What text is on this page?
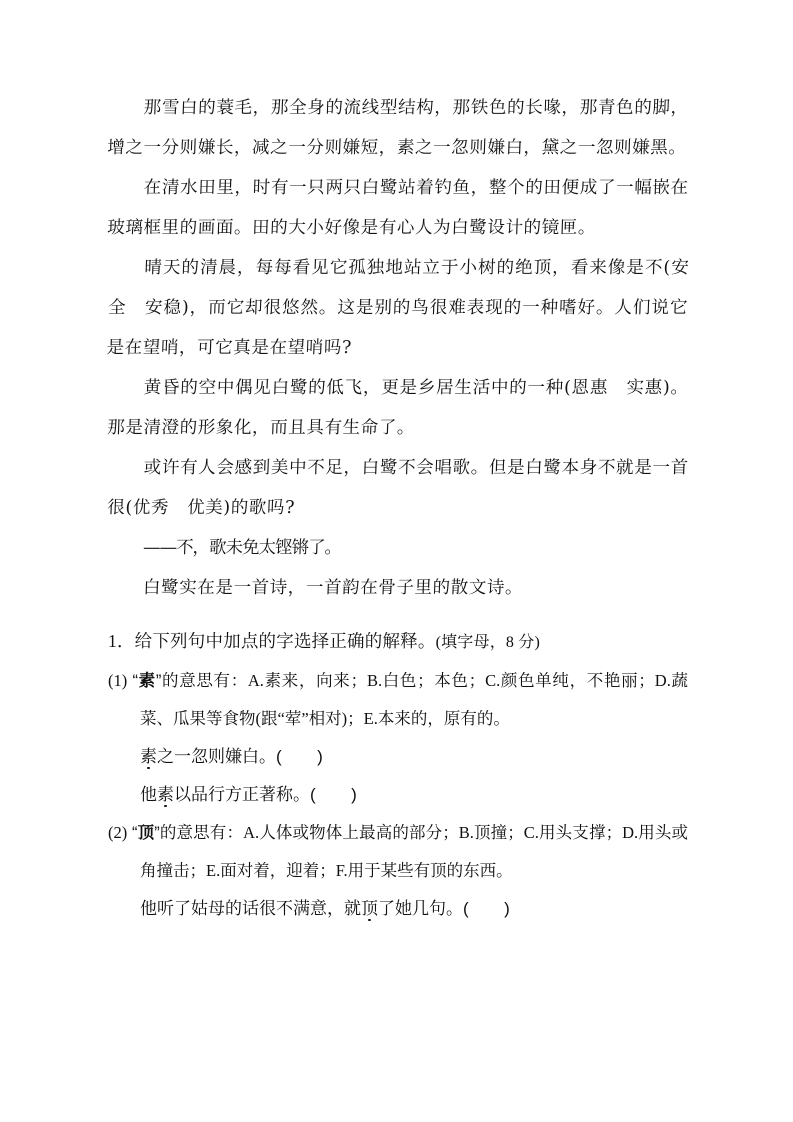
那雪白的蓑毛，那全身的流线型结构，那铁色的长喙，那青色的脚，增之一分则嫌长，减之一分则嫌短，素之一忽则嫌白，黛之一忽则嫌黑。

在清水田里，时有一只两只白鹭站着钓鱼，整个的田便成了一幅嵌在玻璃框里的画面。田的大小好像是有心人为白鹭设计的镜匣。

晴天的清晨，每每看见它孤独地站立于小树的绝顶，看来像是不(安全　安稳)，而它却很悠然。这是别的鸟很难表现的一种嗜好。人们说它是在望哨，可它真是在望哨吗?

黄昏的空中偶见白鹭的低飞，更是乡居生活中的一种(恩惠　实惠)。那是清澄的形象化，而且具有生命了。

或许有人会感到美中不足，白鹭不会唱歌。但是白鹭本身不就是一首很(优秀　优美)的歌吗?

——不，歌未免太铿锵了。

白鹭实在是一首诗，一首韵在骨子里的散文诗。

1．给下列句中加点的字选择正确的解释。(填字母，8 分)

(1) “素”的意思有：A.素来，向来；B.白色；本色；C.颜色单纯，不艳丽；D.蔬菜、瓜果等食物(跟“荤”相对)；E.本来的，原有的。

素之一忽则嫌白。(　　)

他素以品行方正著称。(　　)

(2) “顶”的意思有：A.人体或物体上最高的部分；B.顶撞；C.用头支撑；D.用头或角撞击；E.面对着，迎着；F.用于某些有顶的东西。

他听了姑母的话很不满意，就顶了她几句。(　　)
